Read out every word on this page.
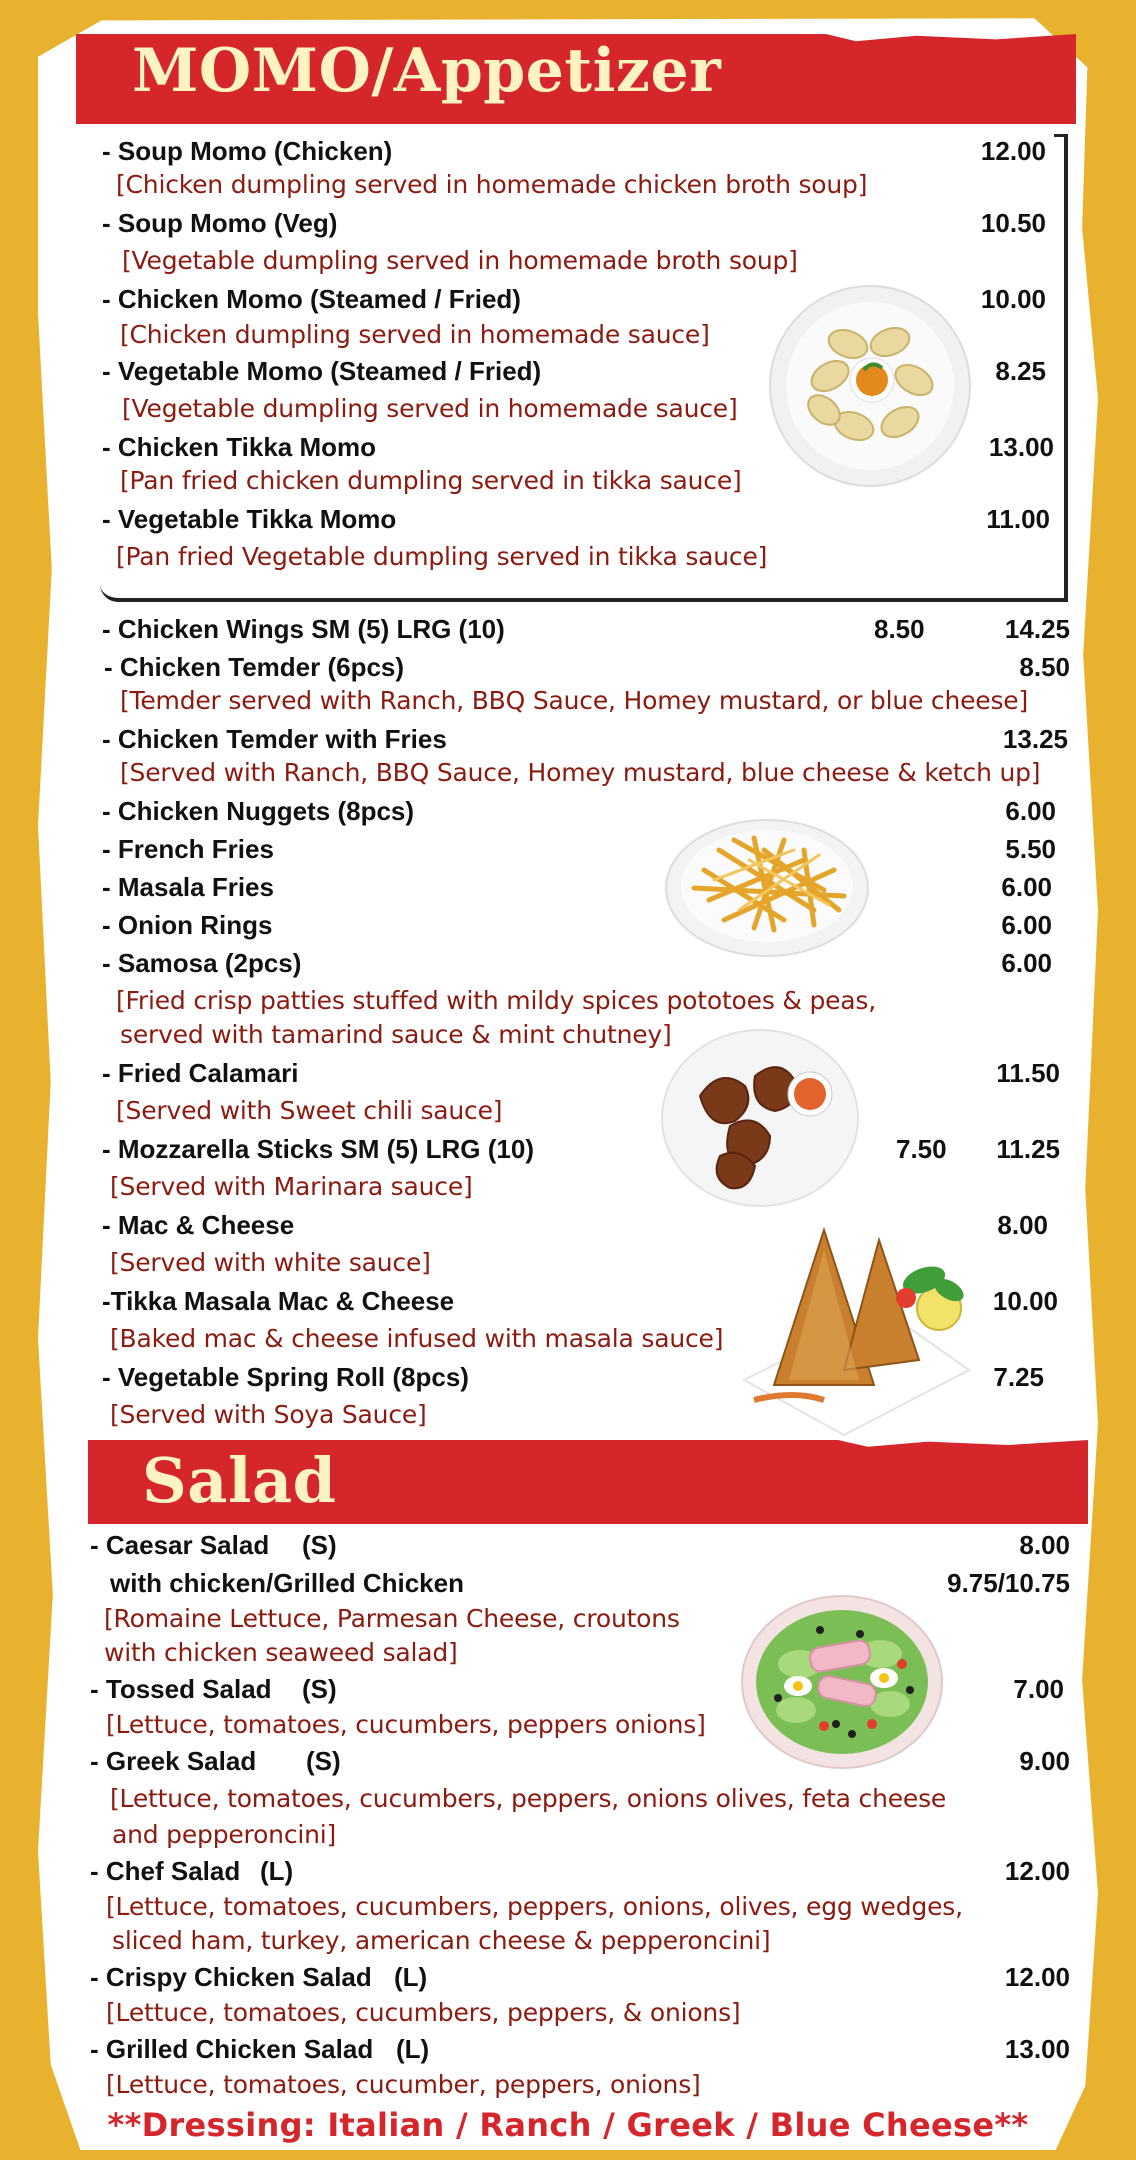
MOMO/Appetizer
- Soup Momo (Chicken)	12.00
[Chicken dumpling served in homemade chicken broth soup]
- Soup Momo (Veg)	10.50
[Vegetable dumpling served in homemade broth soup]
- Chicken Momo (Steamed / Fried)	10.00
[Chicken dumpling served in homemade sauce]
- Vegetable Momo (Steamed / Fried)	8.25
[Vegetable dumpling served in homemade sauce]
- Chicken Tikka Momo	13.00
[Pan fried chicken dumpling served in tikka sauce]
- Vegetable Tikka Momo	11.00
[Pan fried Vegetable dumpling served in tikka sauce]
- Chicken Wings SM (5) LRG (10)	8.50	14.25
- Chicken Temder (6pcs)	8.50
[Temder served with Ranch, BBQ Sauce, Homey mustard, or blue cheese]
- Chicken Temder with Fries	13.25
[Served with Ranch, BBQ Sauce, Homey mustard, blue cheese & ketch up]
- Chicken Nuggets (8pcs)	6.00
- French Fries	5.50
- Masala Fries	6.00
- Onion Rings	6.00
- Samosa (2pcs)	6.00
[Fried crisp patties stuffed with mildy spices pototoes & peas,
served with tamarind sauce & mint chutney]
- Fried Calamari	11.50
[Served with Sweet chili sauce]
- Mozzarella Sticks SM (5) LRG (10)	7.50 11.25
[Served with Marinara sauce]
- Mac & Cheese	8.00
[Served with white sauce]
-Tikka Masala Mac & Cheese	10.00
[Baked mac & cheese infused with masala sauce]
- Vegetable Spring Roll (8pcs)	7.25
[Served with Soya Sauce]
Salad
- Caesar Salad (S)	8.00
with chicken/Grilled Chicken	9.75/10.75
[Romaine Lettuce, Parmesan Cheese, croutons
with chicken seaweed salad]
- Tossed Salad (S)	7.00
[Lettuce, tomatoes, cucumbers, peppers onions]
- Greek Salad (S)	9.00
[Lettuce, tomatoes, cucumbers, peppers, onions olives, feta cheese
and pepperoncini]
- Chef Salad (L)	12.00
[Lettuce, tomatoes, cucumbers, peppers, onions, olives, egg wedges,
sliced ham, turkey, american cheese & pepperoncini]
- Crispy Chicken Salad (L)	12.00
[Lettuce, tomatoes, cucumbers, peppers, & onions]
- Grilled Chicken Salad (L)	13.00
[Lettuce, tomatoes, cucumber, peppers, onions]
**Dressing: Italian / Ranch / Greek / Blue Cheese**
